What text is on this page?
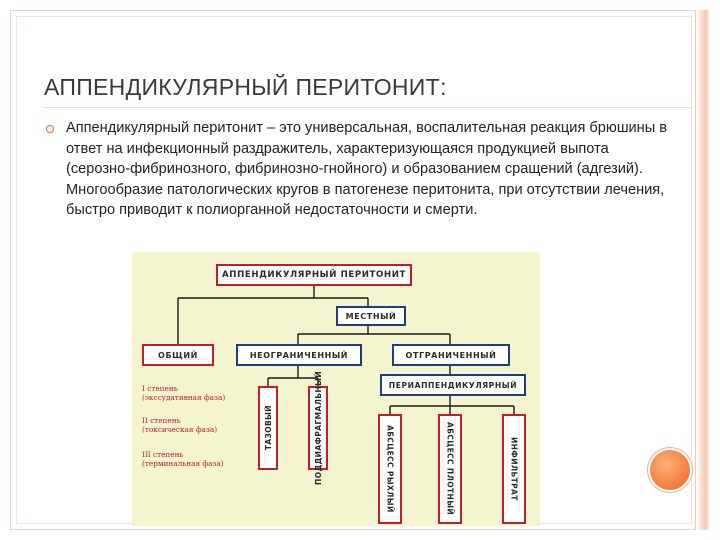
АППЕНДИКУЛЯРНЫЙ ПЕРИТОНИТ:

Аппендикулярный перитонит – это универсальная, воспалительная реакция брюшины в ответ на инфекционный раздражитель, характеризующаяся продукцией выпота (серозно-фибринозного, фибринозно-гнойного) и образованием сращений (адгезий). Многообразие патологических кругов в патогенезе перитонита, при отсутствии лечения, быстро приводит к полиорганной недостаточности и смерти.

АППЕНДИКУЛЯРНЫЙ ПЕРИТОНИТ
МЕСТНЫЙ
ОБЩИЙ	НЕОГРАНИЧЕННЫЙ	ОТГРАНИЧЕННЫЙ
ПЕРИАППЕНДИКУЛЯРНЫЙ
ТАЗОВЫЙ	ПОДДИАФРАГМАЛЬНЫЙ	АБСЦЕСС РЫХЛЫЙ	АБСЦЕСС ПЛОТНЫЙ	ИНФИЛЬТРАТ

I степень
(экссудативная фаза)

II степень
(токсическая фаза)

III степень
(терминальная фаза)
